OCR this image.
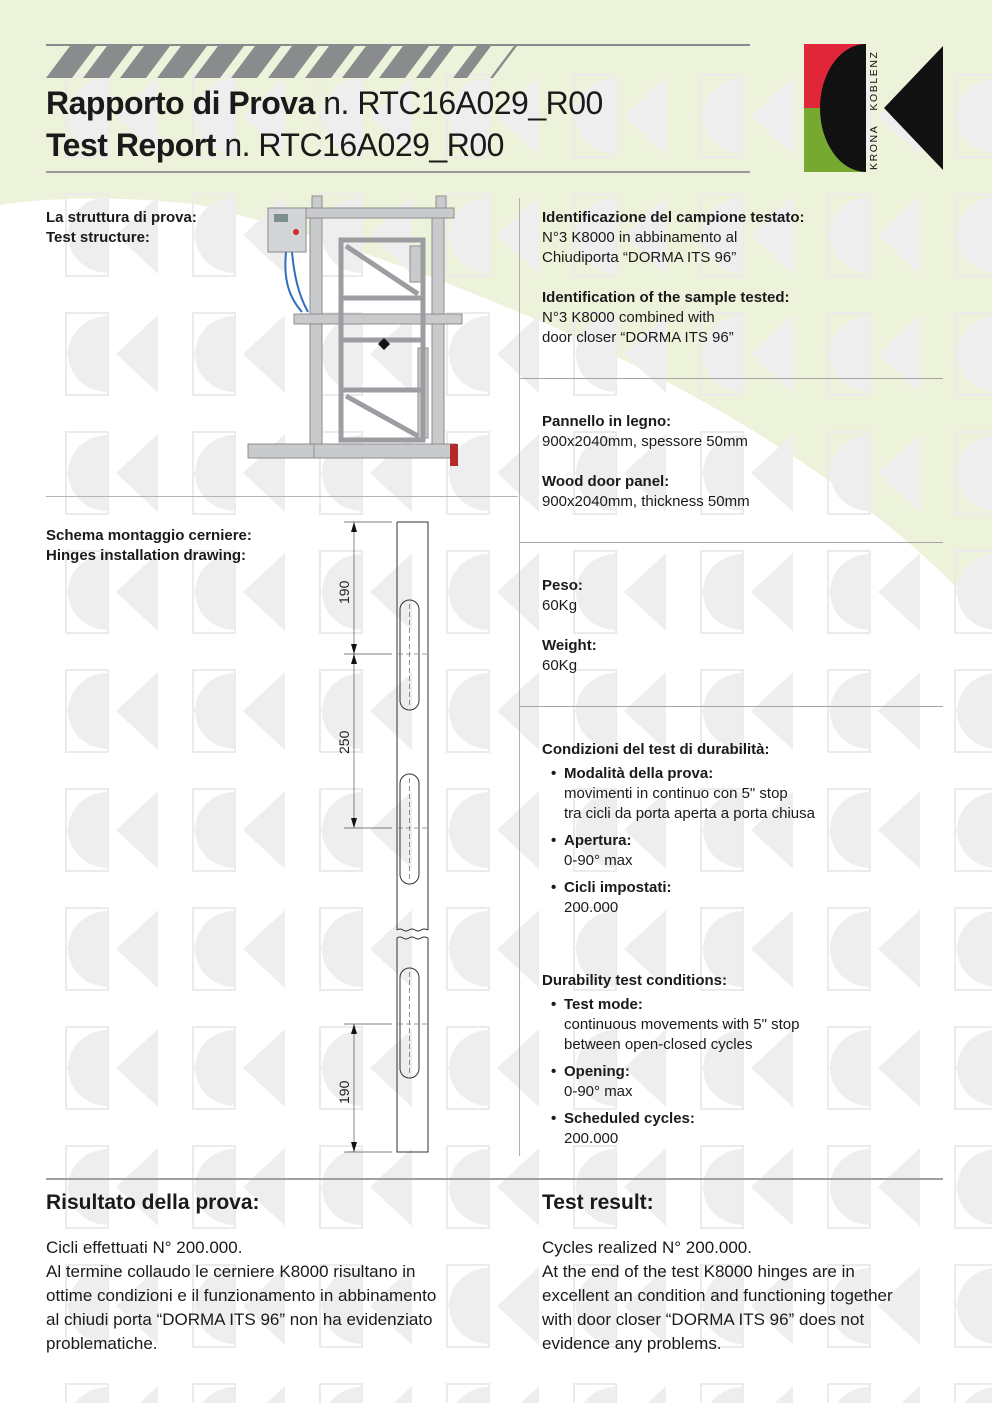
Rapporto di Prova n. RTC16A029_R00
Test Report n. RTC16A029_R00	KRONAKOBLENZ
La struttura di prova:
Test structure:
Schema montaggio cerniere:
Hinges installation drawing:
190
250
190
Identificazione del campione testato:
N°3 K8000 in abbinamento al
Chiudiporta “DORMA ITS 96”
Identification of the sample tested:
N°3 K8000 combined with
door closer “DORMA ITS 96”
Pannello in legno:
900x2040mm, spessore 50mm
Wood door panel:
900x2040mm, thickness 50mm
Peso:
60Kg
Weight:
60Kg
Condizioni del test di durabilità:
• Modalità della prova:
movimenti in continuo con 5" stop
tra cicli da porta aperta a porta chiusa
• Apertura:
0-90° max
• Cicli impostati:
200.000
Durability test conditions:
• Test mode:
continuous movements with 5" stop
between open-closed cycles
• Opening:
0-90° max
• Scheduled cycles:
200.000
Risultato della prova:
Cicli effettuati N° 200.000.
Al termine collaudo le cerniere K8000 risultano in
ottime condizioni e il funzionamento in abbinamento
al chiudi porta “DORMA ITS 96” non ha evidenziato
problematiche.
Test result:
Cycles realized N° 200.000.
At the end of the test K8000 hinges are in
excellent an condition and functioning together
with door closer “DORMA ITS 96” does not
evidence any problems.
